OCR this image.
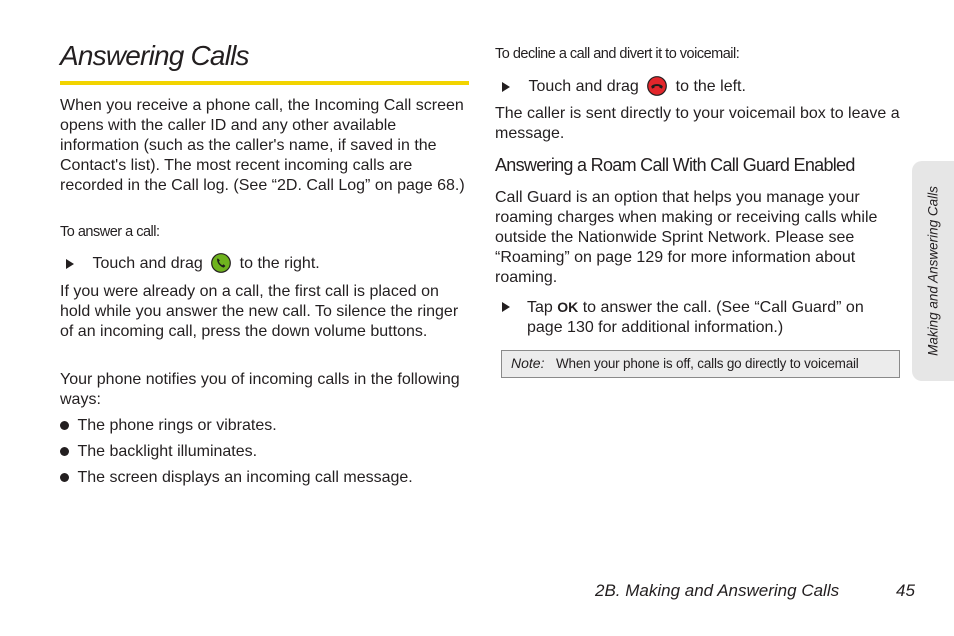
Answering Calls

When you receive a phone call, the Incoming Call screen opens with the caller ID and any other available information (such as the caller's name, if saved in the Contact's list). The most recent incoming calls are recorded in the Call log. (See “2D. Call Log” on page 68.)

To answer a call:
Touch and drag to the right.

If you were already on a call, the first call is placed on hold while you answer the new call. To silence the ringer of an incoming call, press the down volume buttons.

Your phone notifies you of incoming calls in the following ways:

The phone rings or vibrates.
The backlight illuminates.
The screen displays an incoming call message.
To decline a call and divert it to voicemail:
Touch and drag to the left.

The caller is sent directly to your voicemail box to leave a message.

Answering a Roam Call With Call Guard Enabled

Call Guard is an option that helps you manage your roaming charges when making or receiving calls while outside the Nationwide Sprint Network. Please see “Roaming” on page 129 for more information about roaming.

Tap OK to answer the call. (See “Call Guard” on page 130 for additional information.)
Note: When your phone is off, calls go directly to voicemail
Making and Answering Calls
2B. Making and Answering Calls	45
